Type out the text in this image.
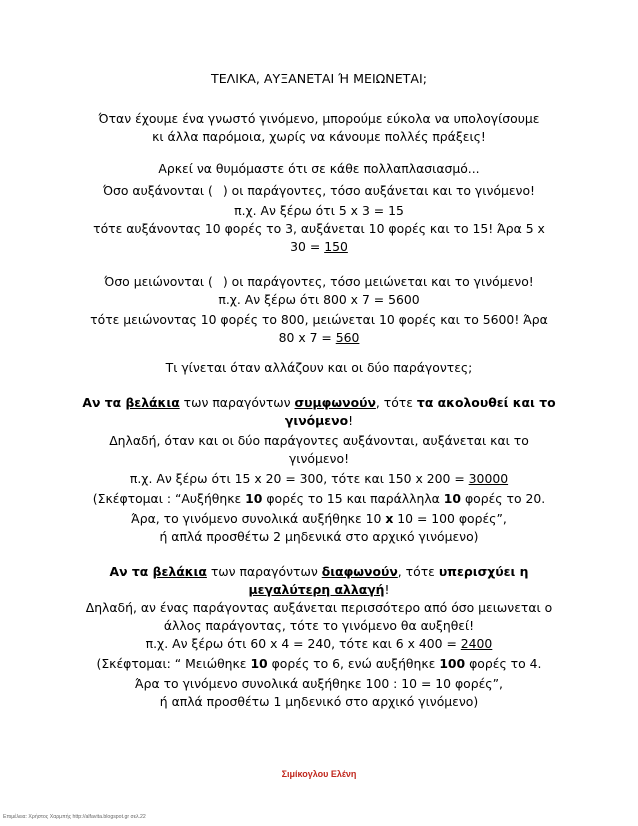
ΤΕΛΙΚΑ, ΑΥΞΑΝΕΤΑΙ Ή ΜΕΙΩΝΕΤΑΙ;
Όταν έχουμε ένα γνωστό γινόμενο, μπορούμε εύκολα να υπολογίσουμε
κι άλλα παρόμοια, χωρίς να κάνουμε πολλές πράξεις!
Αρκεί να θυμόμαστε ότι σε κάθε πολλαπλασιασμό...
Όσο αυξάνονται ( ) οι παράγοντες, τόσο αυξάνεται και το γινόμενο!
π.χ. Αν ξέρω ότι 5 x 3 = 15
τότε αυξάνοντας 10 φορές το 3, αυξάνεται 10 φορές και το 15! Άρα 5 x
30 = 150
Όσο μειώνονται ( ) οι παράγοντες, τόσο μειώνεται και το γινόμενο!
π.χ. Αν ξέρω ότι 800 x 7 = 5600
τότε μειώνοντας 10 φορές το 800, μειώνεται 10 φορές και το 5600! Άρα
80 x 7 = 560
Τι γίνεται όταν αλλάζουν και οι δύο παράγοντες;
Αν τα βελάκια των παραγόντων συμφωνούν, τότε τα ακολουθεί και το
γινόμενο!
Δηλαδή, όταν και οι δύο παράγοντες αυξάνονται, αυξάνεται και το
γινόμενο!
π.χ. Αν ξέρω ότι 15 x 20 = 300, τότε και 150 x 200 = 30000
(Σκέφτομαι : “Αυξήθηκε 10 φορές το 15 και παράλληλα 10 φορές το 20.
Άρα, το γινόμενο συνολικά αυξήθηκε 10 x 10 = 100 φορές”,
ή απλά προσθέτω 2 μηδενικά στο αρχικό γινόμενο)
Αν τα βελάκια των παραγόντων διαφωνούν, τότε υπερισχύει η
μεγαλύτερη αλλαγή!
Δηλαδή, αν ένας παράγοντας αυξάνεται περισσότερο από όσο μειωνεται ο
άλλος παράγοντας, τότε το γινόμενο θα αυξηθεί!
π.χ. Αν ξέρω ότι 60 x 4 = 240, τότε και 6 x 400 = 2400
(Σκέφτομαι: “ Μειώθηκε 10 φορές το 6, ενώ αυξήθηκε 100 φορές το 4.
Άρα το γινόμενο συνολικά αυξήθηκε 100 : 10 = 10 φορές”,
ή απλά προσθέτω 1 μηδενικό στο αρχικό γινόμενο)
Σιμίκογλου Ελένη
Επιμέλεια: Χρήστος Χαρμπής http://alfavita.blogspot.gr σελ.22
